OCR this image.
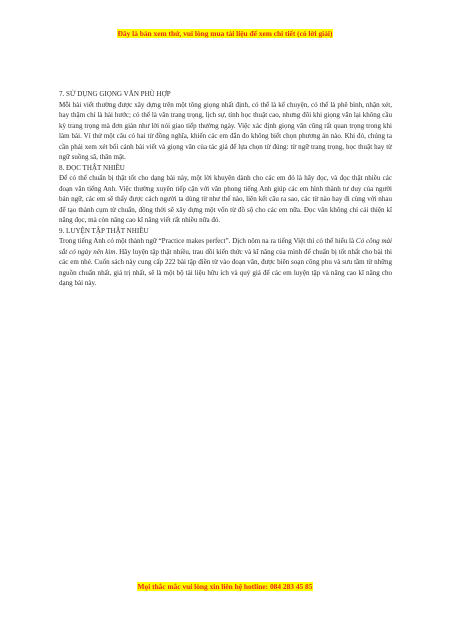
Đây là bản xem thử, vui lòng mua tài liệu để xem chi tiết (có lời giải)
7. SỬ DỤNG GIỌNG VĂN PHÙ HỢP

Mỗi bài viết thường được xây dựng trên một tông giọng nhất định, có thể là kể chuyện, có thể là phê bình, nhận xét, hay thậm chí là hài hước; có thể là văn trang trọng, lịch sự, tính học thuật cao, nhưng đôi khi giọng văn lại không cầu kỳ trang trọng mà đơn giản như lời nói giao tiếp thường ngày. Việc xác định giọng văn cũng rất quan trọng trong khi làm bài. Ví thử một câu có hai từ đồng nghĩa, khiến các em đắn đo không biết chọn phương án nào. Khi đó, chúng ta cần phải xem xét bối cảnh bài viết và giọng văn của tác giả để lựa chọn từ đúng: từ ngữ trang trọng, học thuật hay từ ngữ suồng sã, thân mật.

8. ĐỌC THẬT NHIỀU

Để có thể chuẩn bị thật tốt cho dạng bài này, một lời khuyên dành cho các em đó là hãy đọc, và đọc thật nhiều các đoạn văn tiếng Anh. Việc thường xuyên tiếp cận với văn phong tiếng Anh giúp các em hình thành tư duy của người bản ngữ, các em sẽ thấy được cách người ta dùng từ như thế nào, liên kết câu ra sao, các từ nào hay đi cùng với nhau để tạo thành cụm từ chuẩn, đồng thời sẽ xây dựng một vốn từ đồ sộ cho các em nữa. Đọc văn không chỉ cải thiện kĩ năng đọc, mà còn nâng cao kĩ năng viết rất nhiều nữa đó.

9. LUYỆN TẬP THẬT NHIỀU

Trong tiếng Anh có một thành ngữ “Practice makes perfect”. Dịch nôm na ra tiếng Việt thì có thể hiểu là Có công mài sắt có ngày nên kim. Hãy luyện tập thật nhiều, trau dồi kiến thức và kĩ năng của mình để chuẩn bị tốt nhất cho bài thi các em nhé. Cuốn sách này cung cấp 222 bài tập điền từ vào đoạn văn, được biên soạn công phu và sưu tầm từ những nguồn chuẩn nhất, giá trị nhất, sẽ là một bộ tài liệu hữu ích và quý giá để các em luyện tập và nâng cao kĩ năng cho dạng bài này.

Mọi thắc mắc vui lòng xin liên hệ hotline: 084 283 45 85
